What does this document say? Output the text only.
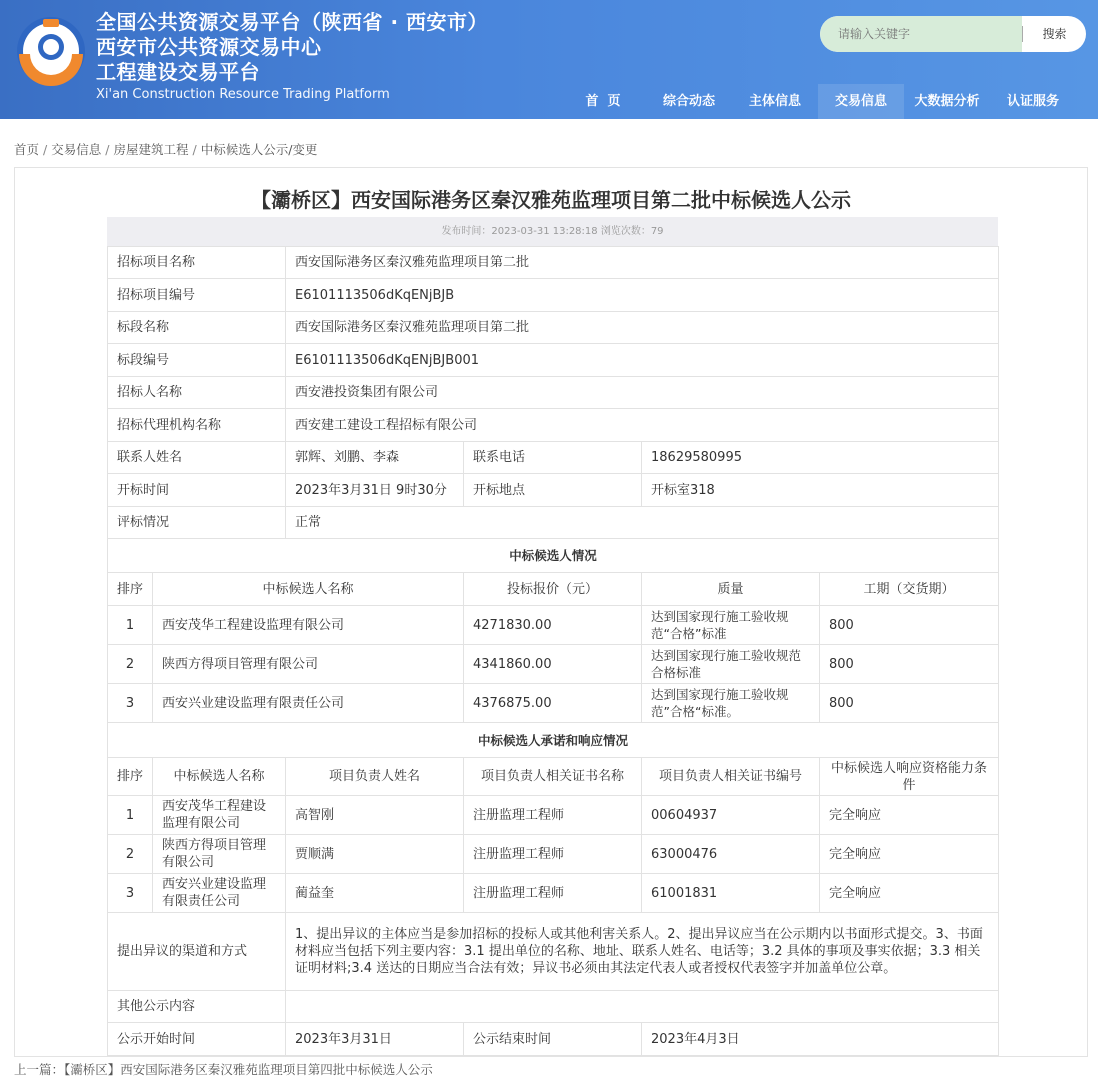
全国公共资源交易平台（陕西省 · 西安市）
西安市公共资源交易中心
工程建设交易平台
Xi'an Construction Resource Trading Platform
请输入关键字
搜索
首  页	综合动态	主体信息	交易信息	大数据分析	认证服务
首页 / 交易信息 / 房屋建筑工程 / 中标候选人公示/变更
【灞桥区】西安国际港务区秦汉雅苑监理项目第二批中标候选人公示
发布时间：2023-03-31 13:28:18 浏览次数：79
招标项目名称		西安国际港务区秦汉雅苑监理项目第二批			
招标项目编号		E6101113506dKqENjBJB			
标段名称		西安国际港务区秦汉雅苑监理项目第二批			
标段编号		E6101113506dKqENjBJB001			
招标人名称		西安港投资集团有限公司			
招标代理机构名称		西安建工建设工程招标有限公司			
联系人姓名		郭辉、刘鹏、李森	联系电话	18629580995	
开标时间		2023年3月31日 9时30分	开标地点	开标室318	
评标情况		正常			
中标候选人情况					
排序	中标候选人名称		投标报价（元）	质量	工期（交货期）
1	西安茂华工程建设监理有限公司		4271830.00	达到国家现行施工验收规范“合格”标准	800
2	陕西方得项目管理有限公司		4341860.00	达到国家现行施工验收规范合格标准	800
3	西安兴业建设监理有限责任公司		4376875.00	达到国家现行施工验收规范”合格“标准。	800
中标候选人承诺和响应情况					
排序	中标候选人名称	项目负责人姓名	项目负责人相关证书名称	项目负责人相关证书编号	中标候选人响应资格能力条件
1	西安茂华工程建设监理有限公司	高智刚	注册监理工程师	00604937	完全响应
2	陕西方得项目管理有限公司	贾顺满	注册监理工程师	63000476	完全响应
3	西安兴业建设监理有限责任公司	蔺益奎	注册监理工程师	61001831	完全响应
提出异议的渠道和方式		1、提出异议的主体应当是参加招标的投标人或其他利害关系人。2、提出异议应当在公示期内以书面形式提交。3、书面材料应当包括下列主要内容：3.1 提出单位的名称、地址、联系人姓名、电话等；3.2 具体的事项及事实依据；3.3 相关证明材料;3.4 送达的日期应当合法有效；异议书必须由其法定代表人或者授权代表签字并加盖单位公章。			
其他公示内容					
公示开始时间		2023年3月31日	公示结束时间	2023年4月3日	
上一篇：【灞桥区】西安国际港务区秦汉雅苑监理项目第四批中标候选人公示
